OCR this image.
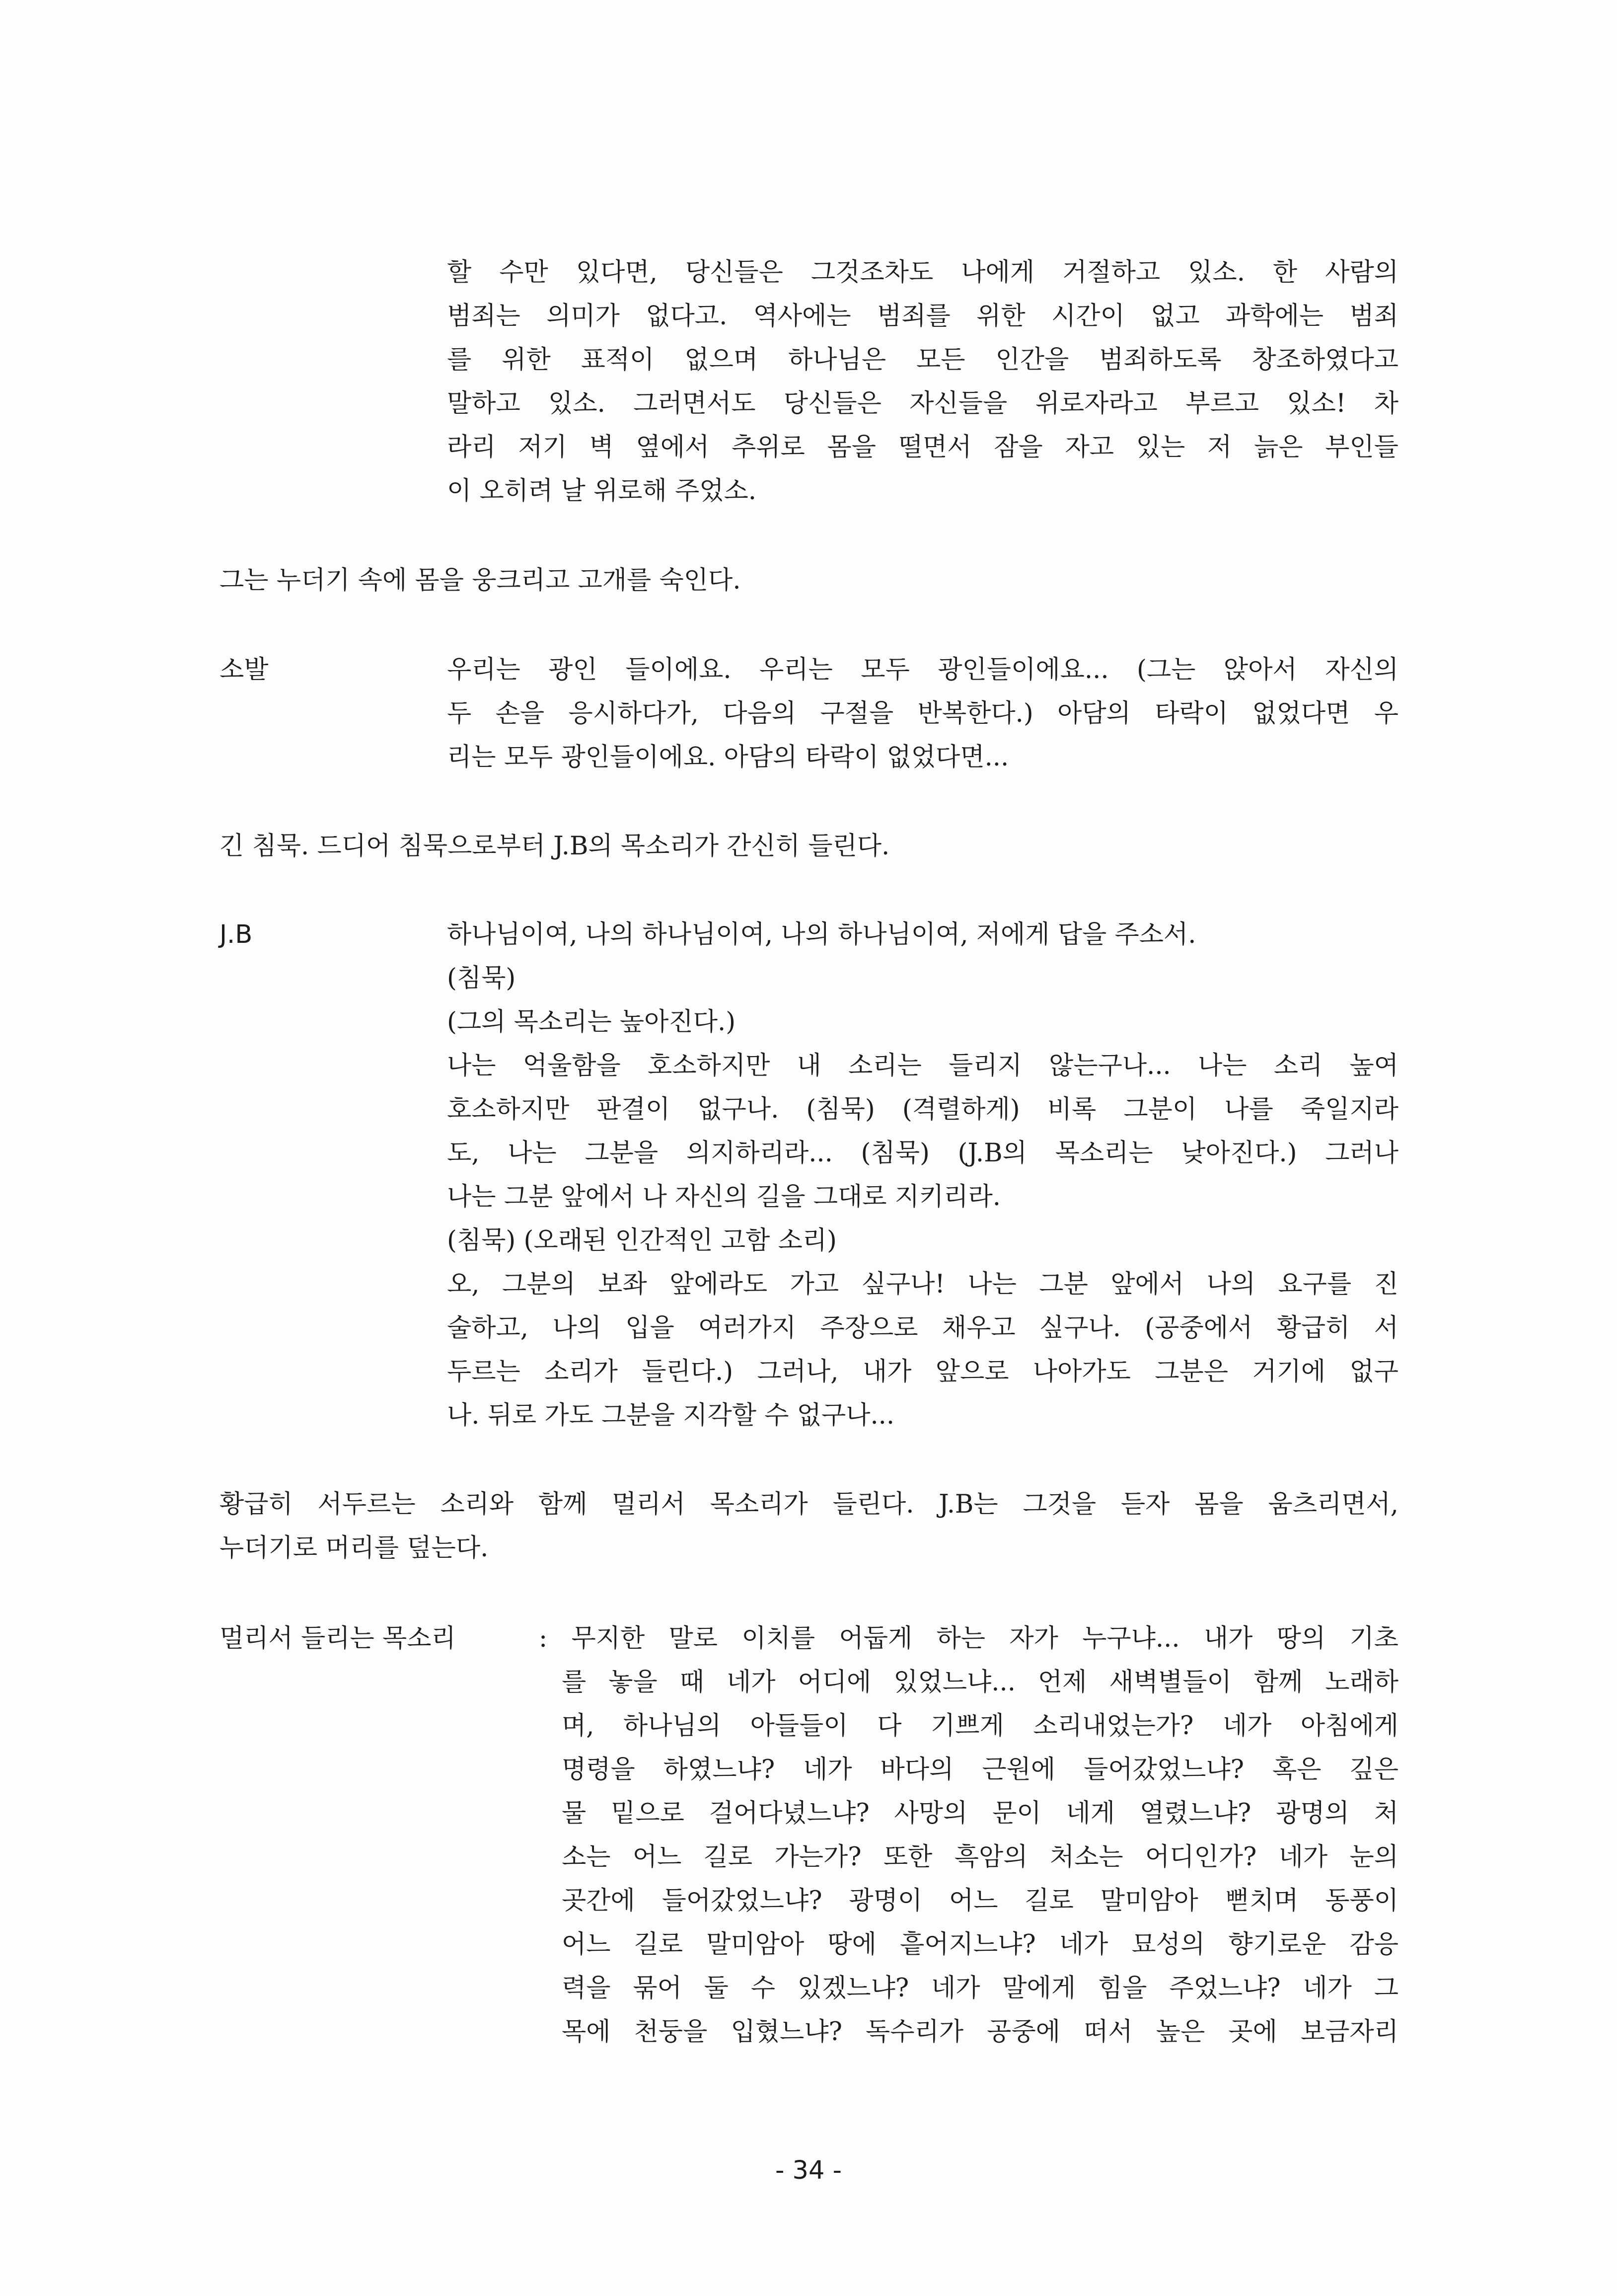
할 수만 있다면, 당신들은 그것조차도 나에게 거절하고 있소. 한 사람의
범죄는 의미가 없다고. 역사에는 범죄를 위한 시간이 없고 과학에는 범죄
를 위한 표적이 없으며 하나님은 모든 인간을 범죄하도록 창조하였다고
말하고 있소. 그러면서도 당신들은 자신들을 위로자라고 부르고 있소! 차
라리 저기 벽 옆에서 추위로 몸을 떨면서 잠을 자고 있는 저 늙은 부인들
이 오히려 날 위로해 주었소.
그는 누더기 속에 몸을 웅크리고 고개를 숙인다.
소발	우리는 광인 들이에요. 우리는 모두 광인들이에요... (그는 앉아서 자신의
두 손을 응시하다가, 다음의 구절을 반복한다.) 아담의 타락이 없었다면 우
리는 모두 광인들이에요. 아담의 타락이 없었다면...
긴 침묵. 드디어 침묵으로부터 J.B의 목소리가 간신히 들린다.
J.B	하나님이여, 나의 하나님이여, 나의 하나님이여, 저에게 답을 주소서.
(침묵)
(그의 목소리는 높아진다.)
나는 억울함을 호소하지만 내 소리는 들리지 않는구나... 나는 소리 높여
호소하지만 판결이 없구나. (침묵) (격렬하게) 비록 그분이 나를 죽일지라
도, 나는 그분을 의지하리라... (침묵) (J.B의 목소리는 낮아진다.) 그러나
나는 그분 앞에서 나 자신의 길을 그대로 지키리라.
(침묵) (오래된 인간적인 고함 소리)
오, 그분의 보좌 앞에라도 가고 싶구나! 나는 그분 앞에서 나의 요구를 진
술하고, 나의 입을 여러가지 주장으로 채우고 싶구나. (공중에서 황급히 서
두르는 소리가 들린다.) 그러나, 내가 앞으로 나아가도 그분은 거기에 없구
나. 뒤로 가도 그분을 지각할 수 없구나...
황급히 서두르는 소리와 함께 멀리서 목소리가 들린다. J.B는 그것을 듣자 몸을 움츠리면서,
누더기로 머리를 덮는다.
멀리서 들리는 목소리	: 무지한 말로 이치를 어둡게 하는 자가 누구냐... 내가 땅의 기초
를 놓을 때 네가 어디에 있었느냐... 언제 새벽별들이 함께 노래하
며, 하나님의 아들들이 다 기쁘게 소리내었는가? 네가 아침에게
명령을 하였느냐? 네가 바다의 근원에 들어갔었느냐? 혹은 깊은
물 밑으로 걸어다녔느냐? 사망의 문이 네게 열렸느냐? 광명의 처
소는 어느 길로 가는가? 또한 흑암의 처소는 어디인가? 네가 눈의
곳간에 들어갔었느냐? 광명이 어느 길로 말미암아 뻗치며 동풍이
어느 길로 말미암아 땅에 흩어지느냐? 네가 묘성의 향기로운 감응
력을 묶어 둘 수 있겠느냐? 네가 말에게 힘을 주었느냐? 네가 그
목에 천둥을 입혔느냐? 독수리가 공중에 떠서 높은 곳에 보금자리
- 34 -
